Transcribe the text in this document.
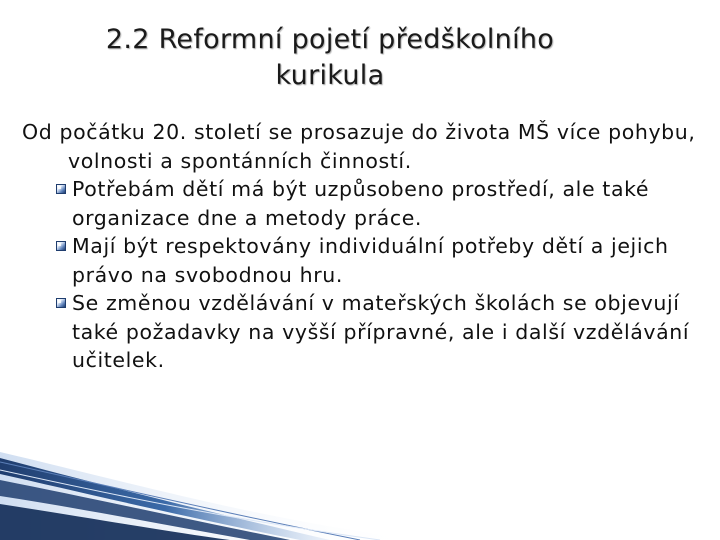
2.2 Reformní pojetí předškolního
kurikula
Od počátku 20. století se prosazuje do života MŠ více pohybu, volnosti a spontánních činností.
Potřebám dětí má být uzpůsobeno prostředí, ale také organizace dne a metody práce.
Mají být respektovány individuální potřeby dětí a jejich právo na svobodnou hru.
Se změnou vzdělávání v mateřských školách se objevují také požadavky na vyšší přípravné, ale i další vzdělávání učitelek.
